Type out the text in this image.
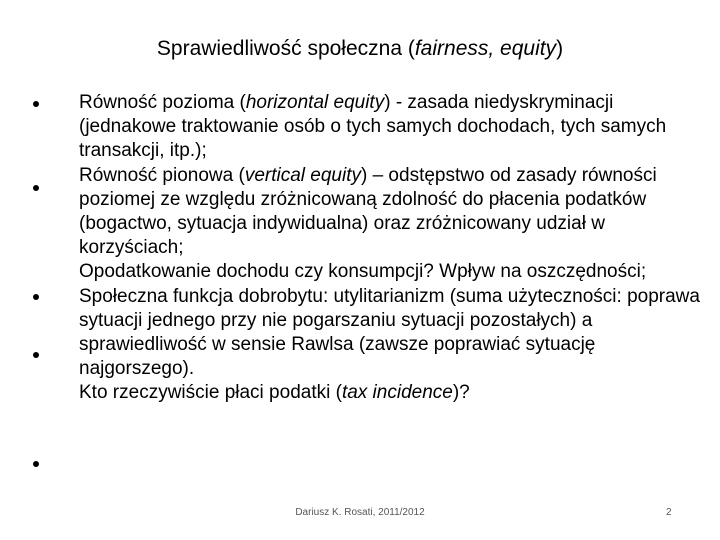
Sprawiedliwość społeczna (fairness, equity)

Równość pozioma (horizontal equity) - zasada niedyskryminacji (jednakowe traktowanie osób o tych samych dochodach, tych samych transakcji, itp.);

Równość pionowa (vertical equity) – odstępstwo od zasady równości poziomej ze względu zróżnicowaną zdolność do płacenia podatków (bogactwo, sytuacja indywidualna) oraz zróżnicowany udział w korzyściach;

Opodatkowanie dochodu czy konsumpcji? Wpływ na oszczędności;

Społeczna funkcja dobrobytu: utylitarianizm (suma użyteczności: poprawa sytuacji jednego przy nie pogarszaniu sytuacji pozostałych) a sprawiedliwość w sensie Rawlsa (zawsze poprawiać sytuację najgorszego).

Kto rzeczywiście płaci podatki (tax incidence)?

Dariusz K. Rosati, 2011/2012	2
